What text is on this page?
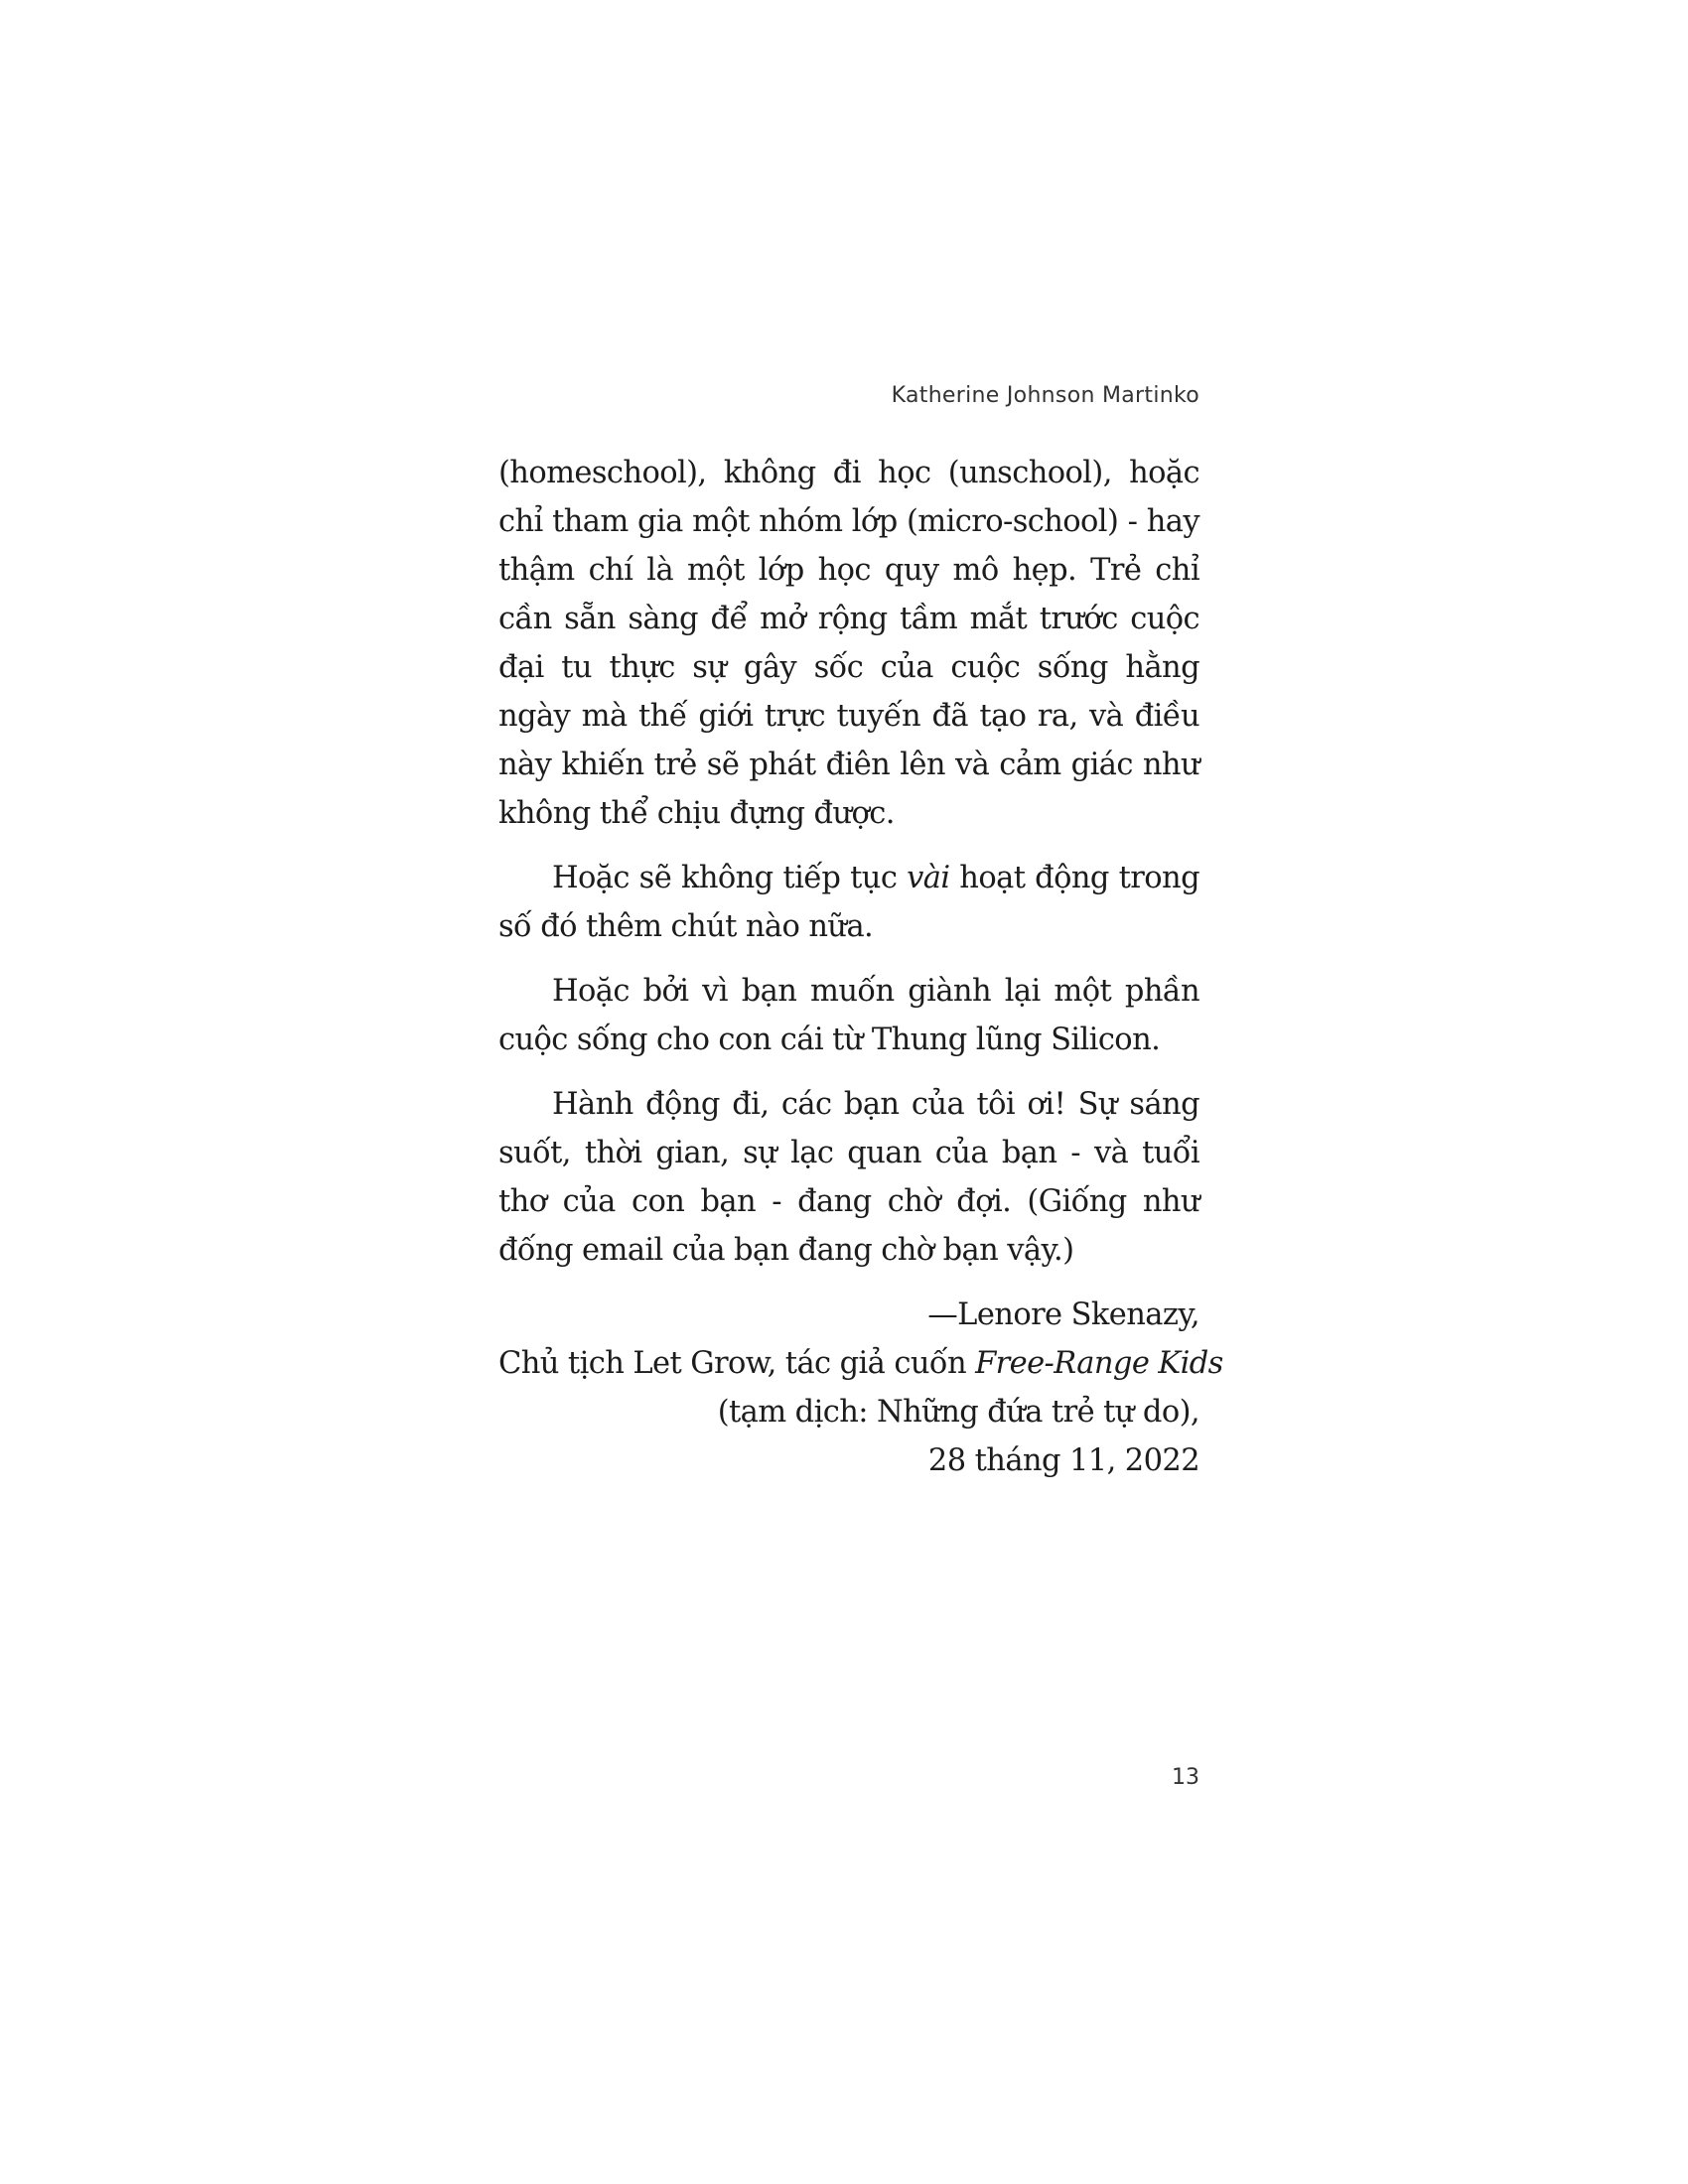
Katherine Johnson Martinko

(homeschool), không đi học (unschool), hoặc chỉ tham gia một nhóm lớp (micro-school) - hay thậm chí là một lớp học quy mô hẹp. Trẻ chỉ cần sẵn sàng để mở rộng tầm mắt trước cuộc đại tu thực sự gây sốc của cuộc sống hằng ngày mà thế giới trực tuyến đã tạo ra, và điều này khiến trẻ sẽ phát điên lên và cảm giác như không thể chịu đựng được.

Hoặc sẽ không tiếp tục vài hoạt động trong số đó thêm chút nào nữa.

Hoặc bởi vì bạn muốn giành lại một phần cuộc sống cho con cái từ Thung lũng Silicon.

Hành động đi, các bạn của tôi ơi! Sự sáng suốt, thời gian, sự lạc quan của bạn - và tuổi thơ của con bạn - đang chờ đợi. (Giống như đống email của bạn đang chờ bạn vậy.)

—Lenore Skenazy,
Chủ tịch Let Grow, tác giả cuốn Free-Range Kids
(tạm dịch: Những đứa trẻ tự do),
28 tháng 11, 2022
13
